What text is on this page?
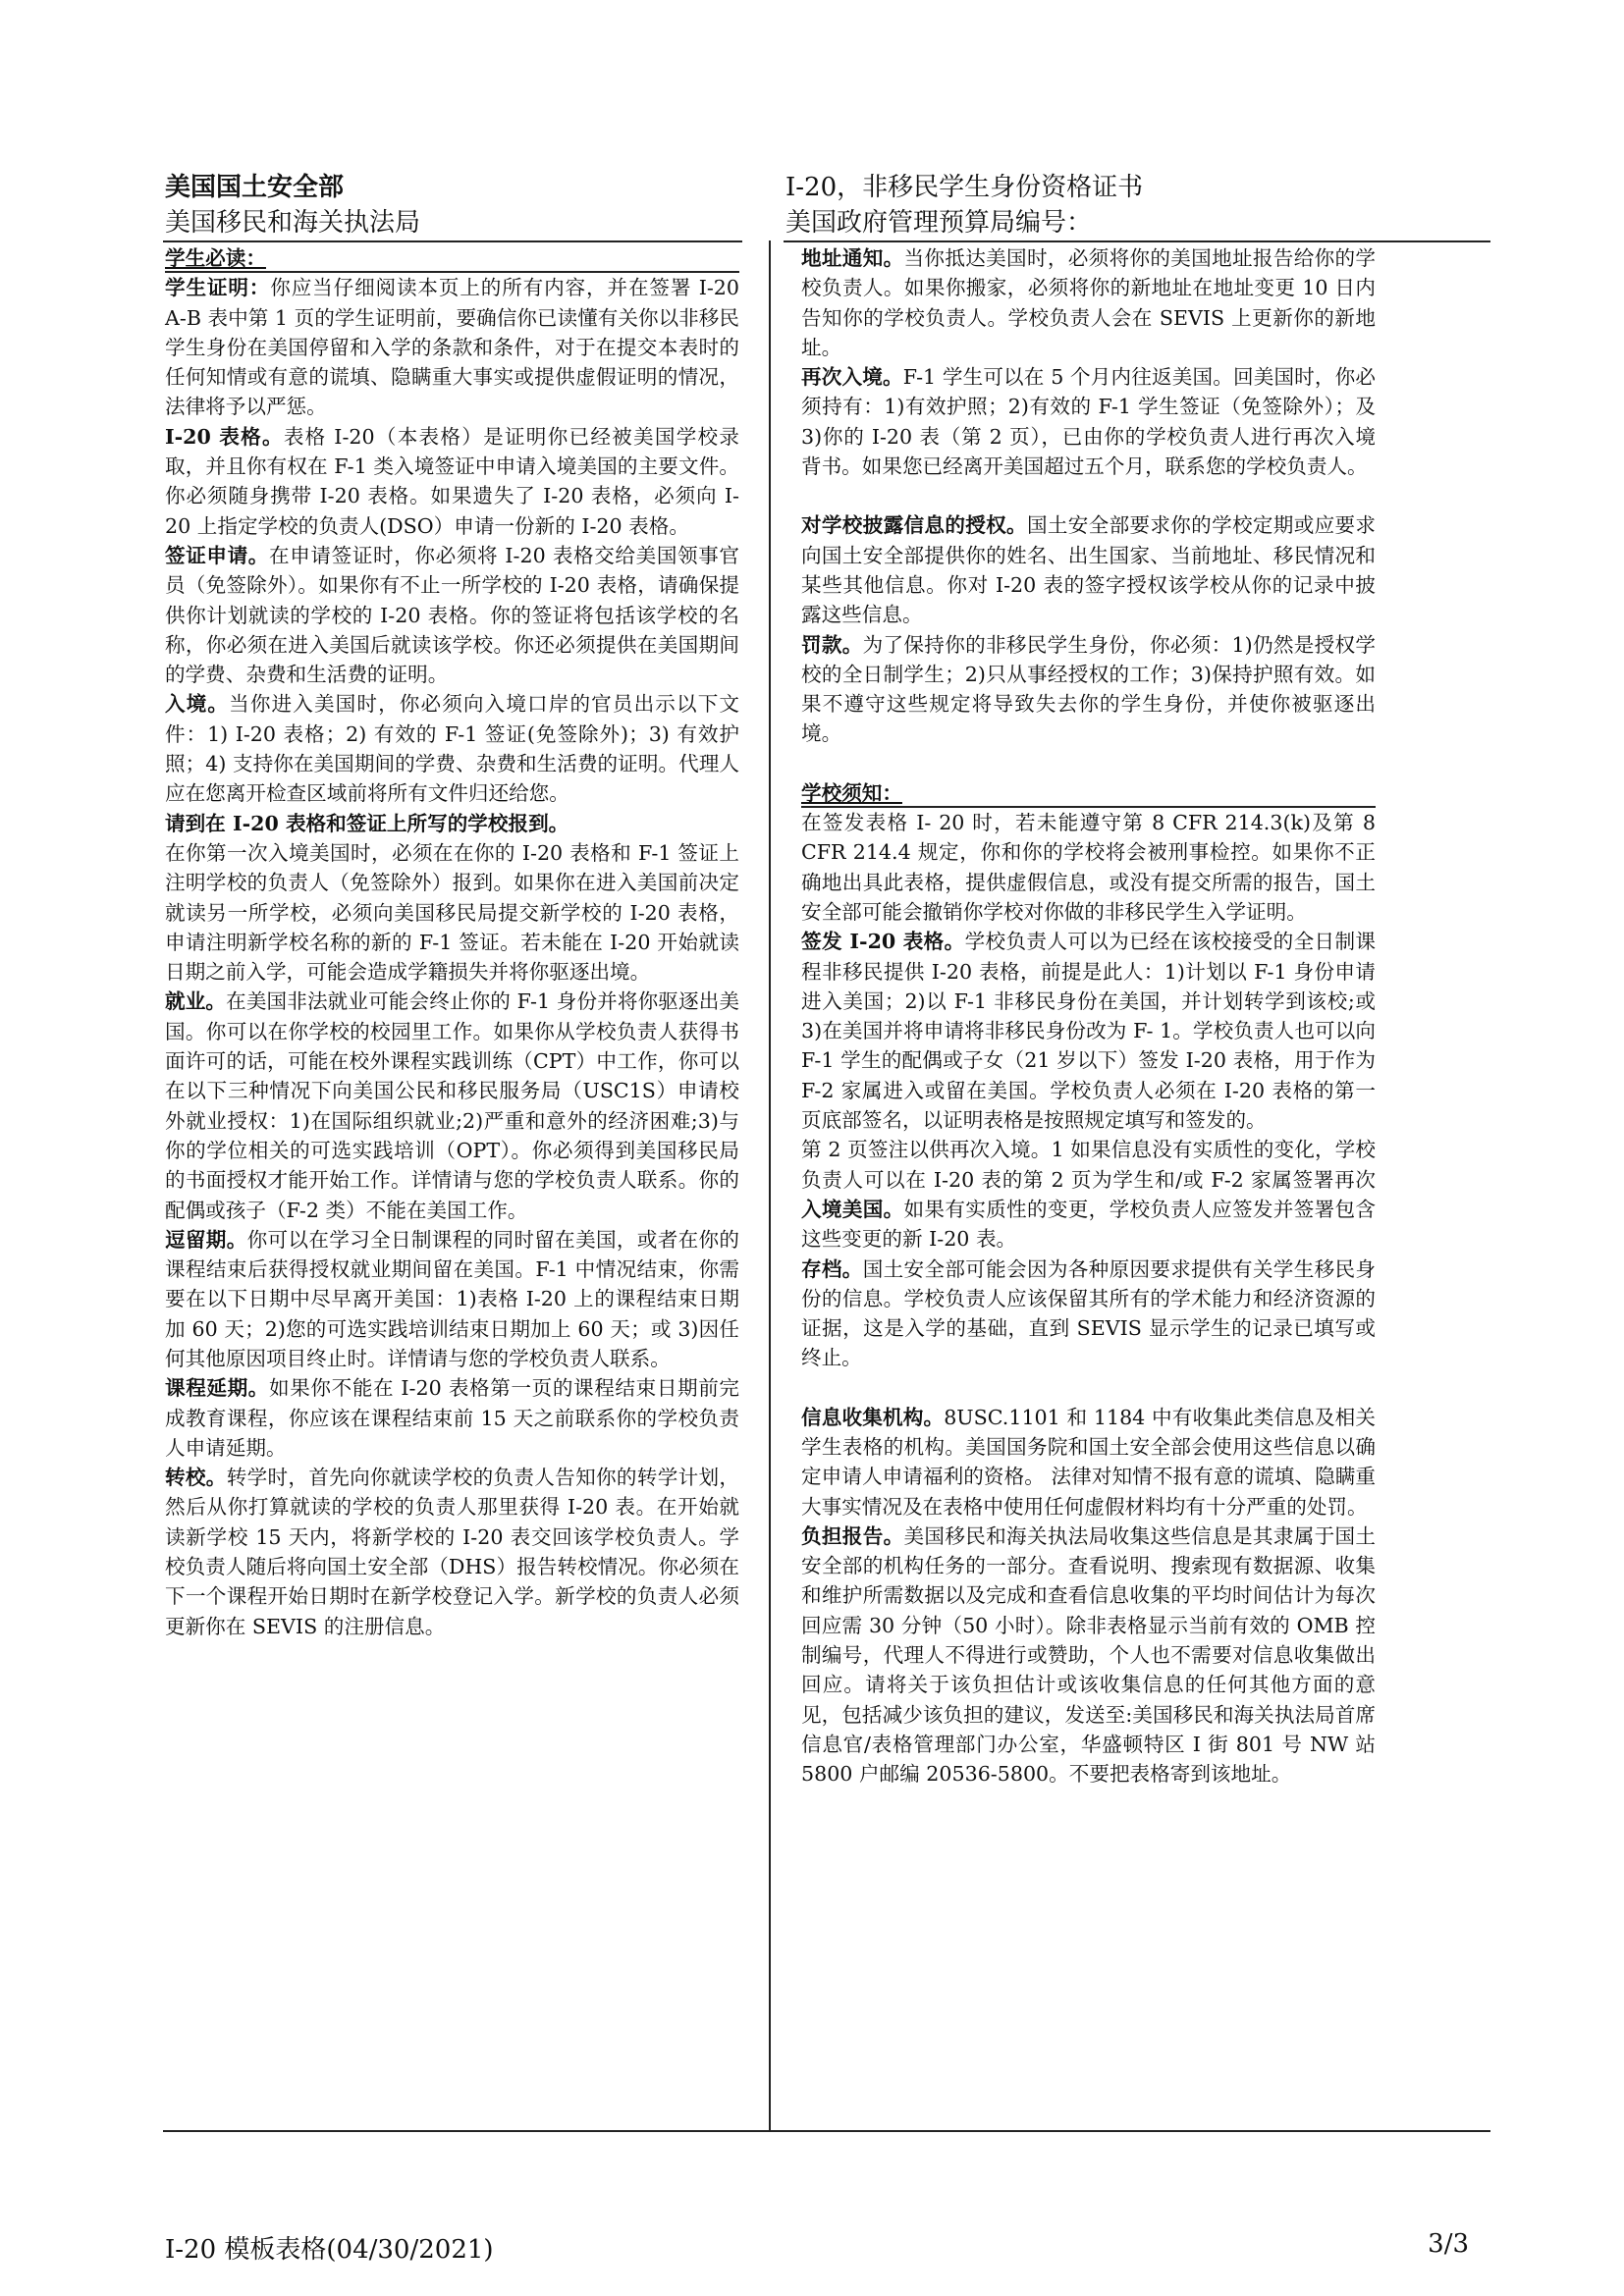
美国国土安全部
美国移民和海关执法局
I-20，非移民学生身份资格证书
美国政府管理预算局编号：
学生必读：

学生证明：你应当仔细阅读本页上的所有内容，并在签署 I-20 A-B 表中第 1 页的学生证明前，要确信你已读懂有关你以非移民学生身份在美国停留和入学的条款和条件，对于在提交本表时的任何知情或有意的谎填、隐瞒重大事实或提供虚假证明的情况，法律将予以严惩。

I-20 表格。表格 I-20（本表格）是证明你已经被美国学校录取，并且你有权在 F-1 类入境签证中申请入境美国的主要文件。你必须随身携带 I-20 表格。如果遗失了 I-20 表格，必须向 I-20 上指定学校的负责人(DSO）申请一份新的 I-20 表格。

签证申请。在申请签证时，你必须将 I-20 表格交给美国领事官员（免签除外）。如果你有不止一所学校的 I-20 表格，请确保提供你计划就读的学校的 I-20 表格。你的签证将包括该学校的名称，你必须在进入美国后就读该学校。你还必须提供在美国期间的学费、杂费和生活费的证明。

入境。当你进入美国时，你必须向入境口岸的官员出示以下文件：1) I-20 表格；2) 有效的 F-1 签证(免签除外)；3) 有效护照；4) 支持你在美国期间的学费、杂费和生活费的证明。代理人应在您离开检查区域前将所有文件归还给您。

请到在 I-20 表格和签证上所写的学校报到。

在你第一次入境美国时，必须在在你的 I-20 表格和 F-1 签证上注明学校的负责人（免签除外）报到。如果你在进入美国前决定就读另一所学校，必须向美国移民局提交新学校的 I-20 表格，申请注明新学校名称的新的 F-1 签证。若未能在 I-20 开始就读日期之前入学，可能会造成学籍损失并将你驱逐出境。

就业。在美国非法就业可能会终止你的 F-1 身份并将你驱逐出美国。你可以在你学校的校园里工作。如果你从学校负责人获得书面许可的话，可能在校外课程实践训练（CPT）中工作，你可以在以下三种情况下向美国公民和移民服务局（USC1S）申请校外就业授权：1)在国际组织就业;2)严重和意外的经济困难;3)与你的学位相关的可选实践培训（OPT）。你必须得到美国移民局的书面授权才能开始工作。详情请与您的学校负责人联系。你的配偶或孩子（F-2 类）不能在美国工作。

逗留期。你可以在学习全日制课程的同时留在美国，或者在你的课程结束后获得授权就业期间留在美国。F-1 中情况结束，你需要在以下日期中尽早离开美国：1)表格 I-20 上的课程结束日期加 60 天；2)您的可选实践培训结束日期加上 60 天；或 3)因任何其他原因项目终止时。详情请与您的学校负责人联系。

课程延期。如果你不能在 I-20 表格第一页的课程结束日期前完成教育课程，你应该在课程结束前 15 天之前联系你的学校负责人申请延期。

转校。转学时，首先向你就读学校的负责人告知你的转学计划，然后从你打算就读的学校的负责人那里获得 I-20 表。在开始就读新学校 15 天内，将新学校的 I-20 表交回该学校负责人。学校负责人随后将向国土安全部（DHS）报告转校情况。你必须在下一个课程开始日期时在新学校登记入学。新学校的负责人必须更新你在 SEVIS 的注册信息。

地址通知。当你抵达美国时，必须将你的美国地址报告给你的学校负责人。如果你搬家，必须将你的新地址在地址变更 10 日内告知你的学校负责人。学校负责人会在 SEVIS 上更新你的新地址。

再次入境。F-1 学生可以在 5 个月内往返美国。回美国时，你必须持有：1)有效护照；2)有效的 F-1 学生签证（免签除外）；及 3)你的 I-20 表（第 2 页），已由你的学校负责人进行再次入境背书。如果您已经离开美国超过五个月，联系您的学校负责人。

对学校披露信息的授权。国土安全部要求你的学校定期或应要求向国土安全部提供你的姓名、出生国家、当前地址、移民情况和某些其他信息。你对 I-20 表的签字授权该学校从你的记录中披露这些信息。

罚款。为了保持你的非移民学生身份，你必须：1)仍然是授权学校的全日制学生；2)只从事经授权的工作；3)保持护照有效。如果不遵守这些规定将导致失去你的学生身份，并使你被驱逐出境。

学校须知：

在签发表格 I- 20 时，若未能遵守第 8 CFR 214.3(k)及第 8 CFR 214.4 规定，你和你的学校将会被刑事检控。如果你不正确地出具此表格，提供虚假信息，或没有提交所需的报告，国土安全部可能会撤销你学校对你做的非移民学生入学证明。

签发 I-20 表格。学校负责人可以为已经在该校接受的全日制课程非移民提供 I-20 表格，前提是此人：1)计划以 F-1 身份申请进入美国；2)以 F-1 非移民身份在美国，并计划转学到该校;或 3)在美国并将申请将非移民身份改为 F- 1。学校负责人也可以向 F-1 学生的配偶或子女（21 岁以下）签发 I-20 表格，用于作为 F-2 家属进入或留在美国。学校负责人必须在 I-20 表格的第一页底部签名，以证明表格是按照规定填写和签发的。

第 2 页签注以供再次入境。1 如果信息没有实质性的变化，学校负责人可以在 I-20 表的第 2 页为学生和/或 F-2 家属签署再次入境美国。如果有实质性的变更，学校负责人应签发并签署包含这些变更的新 I-20 表。

存档。国土安全部可能会因为各种原因要求提供有关学生移民身份的信息。学校负责人应该保留其所有的学术能力和经济资源的证据，这是入学的基础，直到 SEVIS 显示学生的记录已填写或终止。

信息收集机构。8USC.1101 和 1184 中有收集此类信息及相关学生表格的机构。美国国务院和国土安全部会使用这些信息以确定申请人申请福利的资格。 法律对知情不报有意的谎填、隐瞒重大事实情况及在表格中使用任何虚假材料均有十分严重的处罚。

负担报告。美国移民和海关执法局收集这些信息是其隶属于国土安全部的机构任务的一部分。查看说明、搜索现有数据源、收集和维护所需数据以及完成和查看信息收集的平均时间估计为每次回应需 30 分钟（50 小时）。除非表格显示当前有效的 OMB 控制编号，代理人不得进行或赞助，个人也不需要对信息收集做出回应。请将关于该负担估计或该收集信息的任何其他方面的意见，包括减少该负担的建议，发送至:美国移民和海关执法局首席信息官/表格管理部门办公室，华盛顿特区 I 街 801 号 NW 站 5800 户邮编 20536-5800。不要把表格寄到该地址。

I-20 模板表格(04/30/2021)	3/3
